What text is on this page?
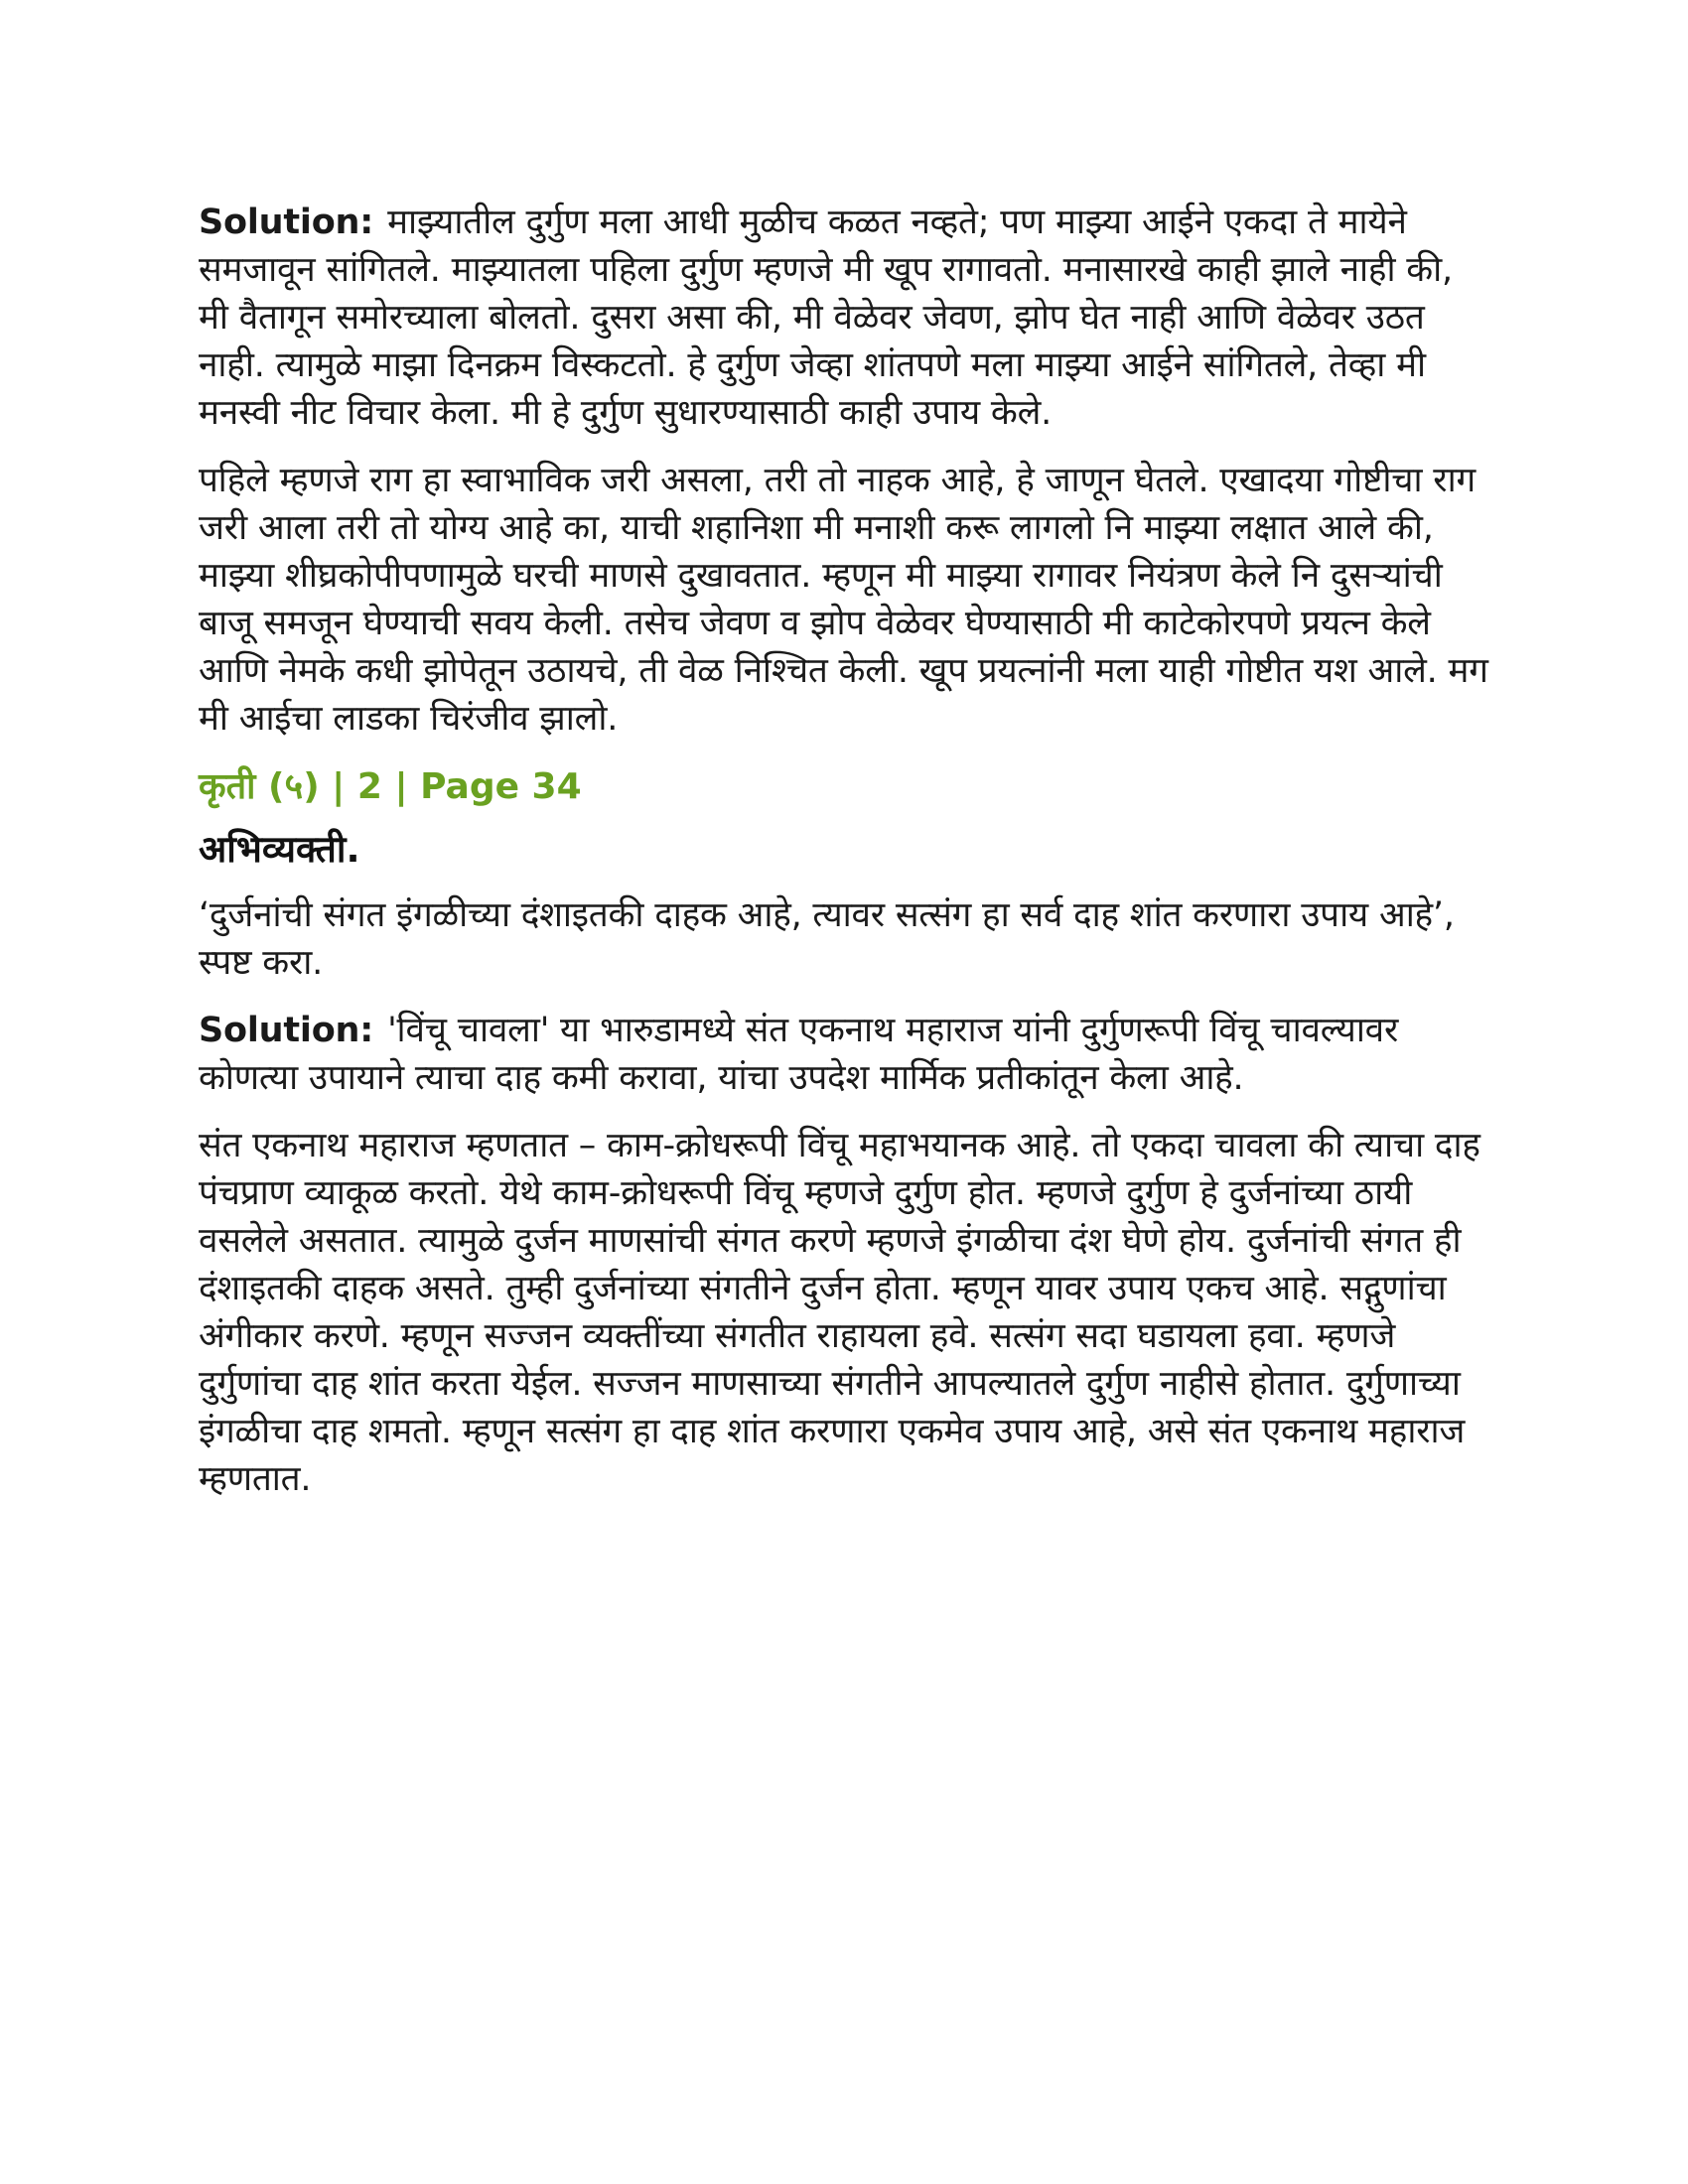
Solution: माझ्यातील दुर्गुण मला आधी मुळीच कळत नव्हते; पण माझ्या आईने एकदा ते मायेने समजावून सांगितले. माझ्यातला पहिला दुर्गुण म्हणजे मी खूप रागावतो. मनासारखे काही झाले नाही की, मी वैतागून समोरच्याला बोलतो. दुसरा असा की, मी वेळेवर जेवण, झोप घेत नाही आणि वेळेवर उठत नाही. त्यामुळे माझा दिनक्रम विस्कटतो. हे दुर्गुण जेव्हा शांतपणे मला माझ्या आईने सांगितले, तेव्हा मी मनस्वी नीट विचार केला. मी हे दुर्गुण सुधारण्यासाठी काही उपाय केले.

पहिले म्हणजे राग हा स्वाभाविक जरी असला, तरी तो नाहक आहे, हे जाणून घेतले. एखादया गोष्टीचा राग जरी आला तरी तो योग्य आहे का, याची शहानिशा मी मनाशी करू लागलो नि माझ्या लक्षात आले की, माझ्या शीघ्रकोपीपणामुळे घरची माणसे दुखावतात. म्हणून मी माझ्या रागावर नियंत्रण केले नि दुसऱ्यांची बाजू समजून घेण्याची सवय केली. तसेच जेवण व झोप वेळेवर घेण्यासाठी मी काटेकोरपणे प्रयत्न केले आणि नेमके कधी झोपेतून उठायचे, ती वेळ निश्चित केली. खूप प्रयत्नांनी मला याही गोष्टीत यश आले. मग मी आईचा लाडका चिरंजीव झालो.

कृती (५) | 2 | Page 34
अभिव्यक्ती.

‘दुर्जनांची संगत इंगळीच्या दंशाइतकी दाहक आहे, त्यावर सत्संग हा सर्व दाह शांत करणारा उपाय आहे’, स्पष्ट करा.

Solution: 'विंचू चावला' या भारुडामध्ये संत एकनाथ महाराज यांनी दुर्गुणरूपी विंचू चावल्यावर कोणत्या उपायाने त्याचा दाह कमी करावा, यांचा उपदेश मार्मिक प्रतीकांतून केला आहे.

संत एकनाथ महाराज म्हणतात – काम-क्रोधरूपी विंचू महाभयानक आहे. तो एकदा चावला की त्याचा दाह पंचप्राण व्याकूळ करतो. येथे काम-क्रोधरूपी विंचू म्हणजे दुर्गुण होत. म्हणजे दुर्गुण हे दुर्जनांच्या ठायी वसलेले असतात. त्यामुळे दुर्जन माणसांची संगत करणे म्हणजे इंगळीचा दंश घेणे होय. दुर्जनांची संगत ही दंशाइतकी दाहक असते. तुम्ही दुर्जनांच्या संगतीने दुर्जन होता. म्हणून यावर उपाय एकच आहे. सद्गुणांचा अंगीकार करणे. म्हणून सज्जन व्यक्तींच्या संगतीत राहायला हवे. सत्संग सदा घडायला हवा. म्हणजे दुर्गुणांचा दाह शांत करता येईल. सज्जन माणसाच्या संगतीने आपल्यातले दुर्गुण नाहीसे होतात. दुर्गुणाच्या इंगळीचा दाह शमतो. म्हणून सत्संग हा दाह शांत करणारा एकमेव उपाय आहे, असे संत एकनाथ महाराज म्हणतात.
